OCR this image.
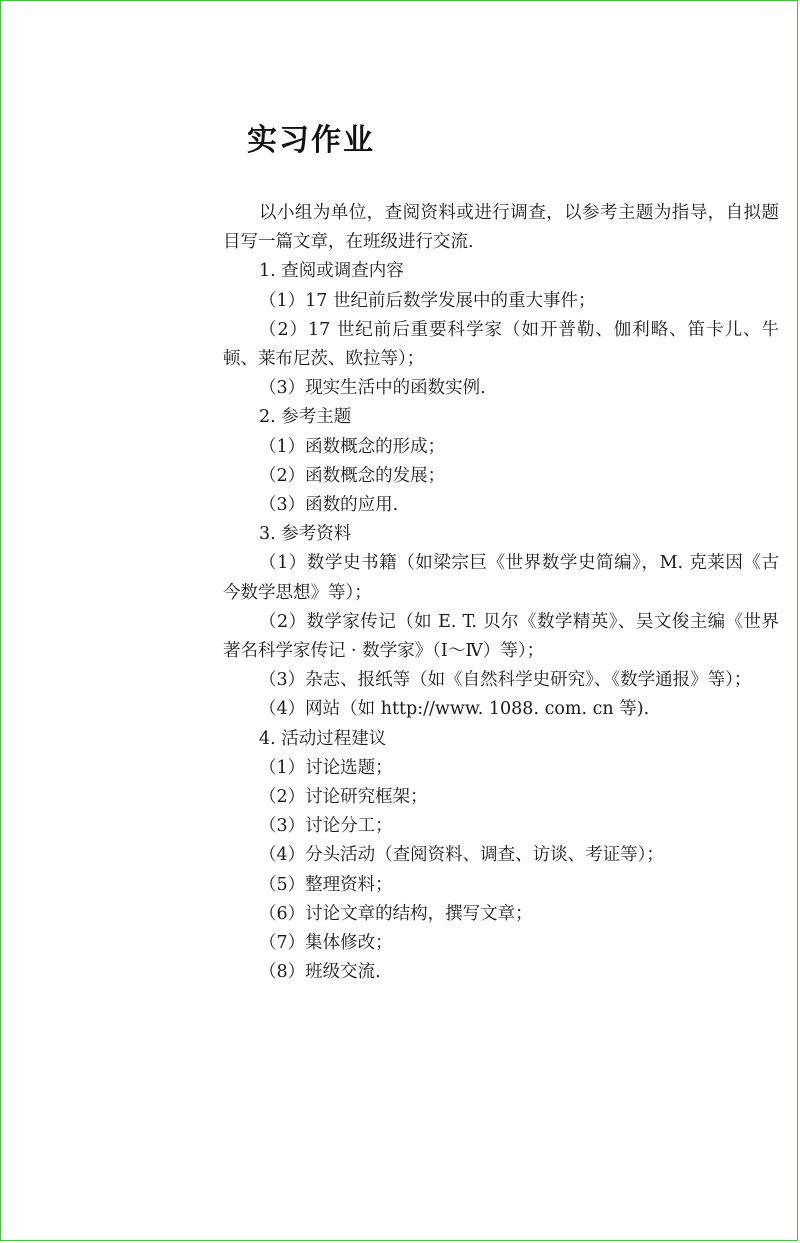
实习作业

以小组为单位，查阅资料或进行调查，以参考主题为指导，自拟题目写一篇文章，在班级进行交流.

1. 查阅或调查内容

（1）17 世纪前后数学发展中的重大事件；

（2）17 世纪前后重要科学家（如开普勒、伽利略、笛卡儿、牛顿、莱布尼茨、欧拉等）；

（3）现实生活中的函数实例.

2. 参考主题

（1）函数概念的形成；

（2）函数概念的发展；

（3）函数的应用.

3. 参考资料

（1）数学史书籍（如梁宗巨《世界数学史简编》，M. 克莱因《古今数学思想》等）；

（2）数学家传记（如 E. T. 贝尔《数学精英》、吴文俊主编《世界著名科学家传记 · 数学家》（Ⅰ～Ⅳ）等）；

（3）杂志、报纸等（如《自然科学史研究》、《数学通报》等）；

（4）网站（如 http://www. 1088. com. cn 等).

4. 活动过程建议

（1）讨论选题；

（2）讨论研究框架；

（3）讨论分工；

（4）分头活动（查阅资料、调查、访谈、考证等）；

（5）整理资料；

（6）讨论文章的结构，撰写文章；

（7）集体修改；

（8）班级交流.
